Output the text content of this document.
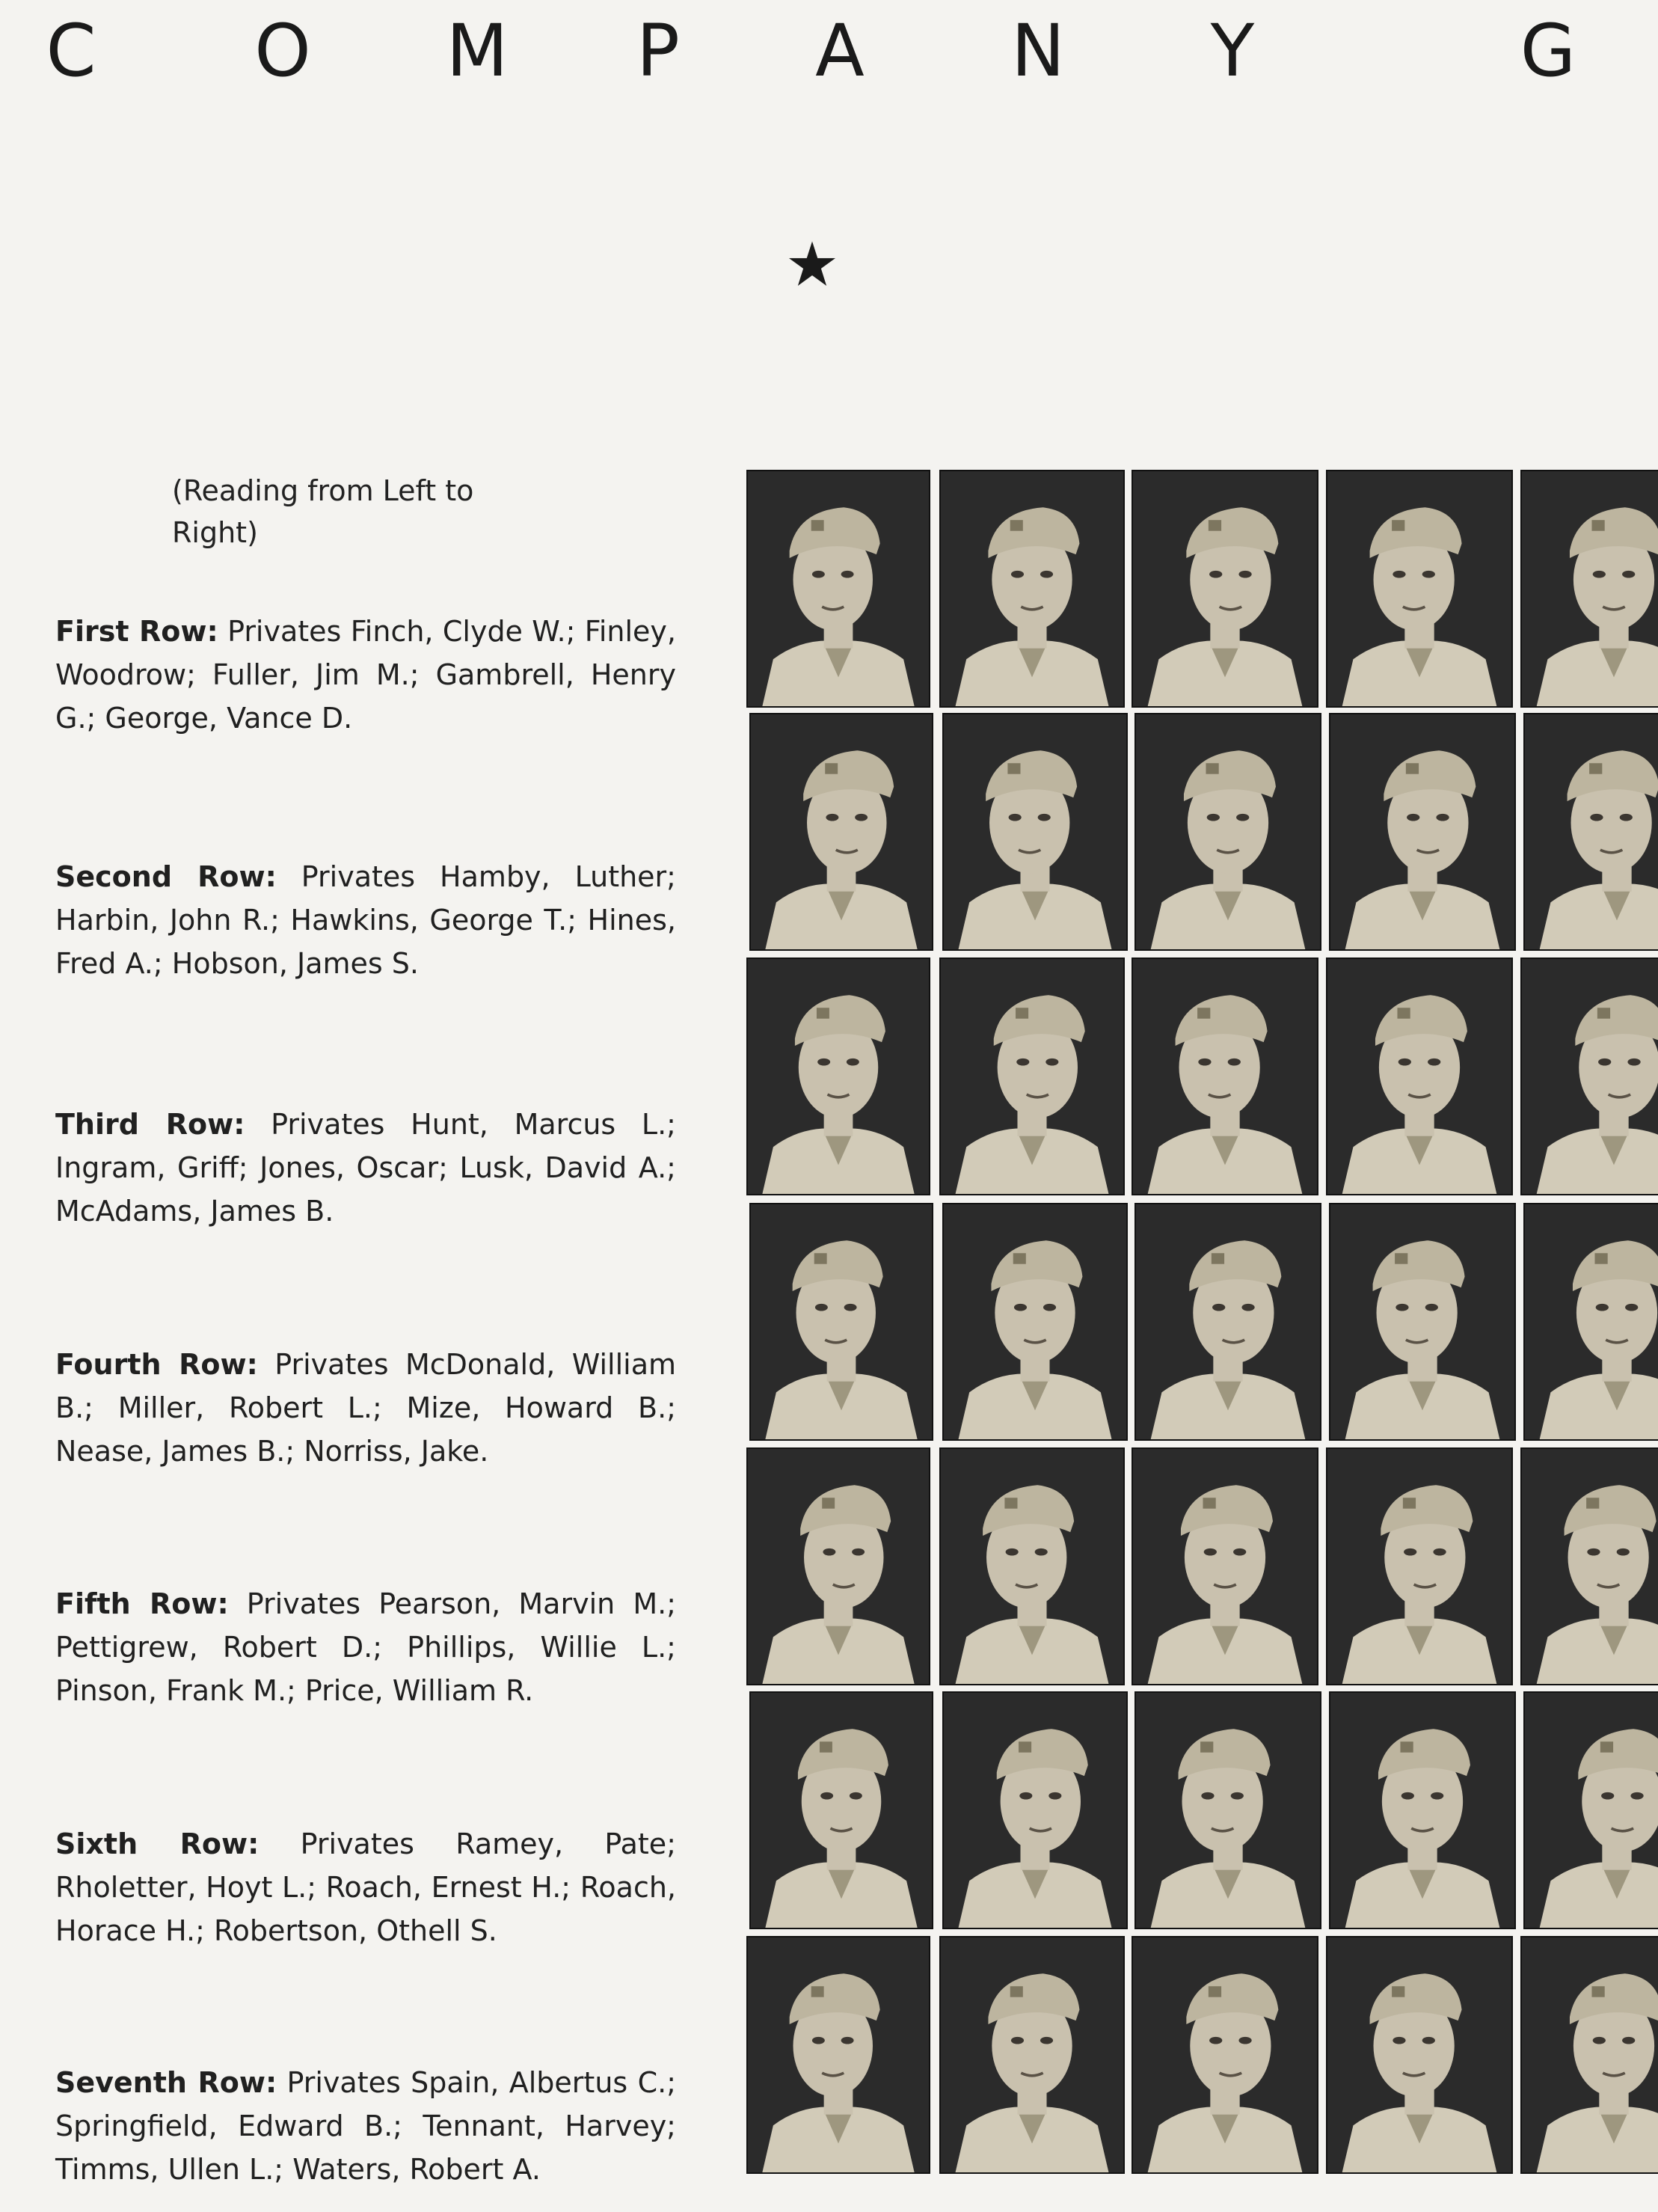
C O M P A N Y	G
(Reading from Left to Right)
First Row: Privates Finch, Clyde W.; Finley, Woodrow; Fuller, Jim M.; Gambrell, Henry G.; George, Vance D.
Second Row: Privates Hamby, Luther; Harbin, John R.; Hawkins, George T.; Hines, Fred A.; Hobson, James S.
Third Row: Privates Hunt, Marcus L.; Ingram, Griff; Jones, Oscar; Lusk, David A.; McAdams, James B.
Fourth Row: Privates McDonald, William B.; Miller, Robert L.; Mize, Howard B.; Nease, James B.; Norriss, Jake.
Fifth Row: Privates Pearson, Marvin M.; Pettigrew, Robert D.; Phillips, Willie L.; Pinson, Frank M.; Price, William R.
Sixth Row: Privates Ramey, Pate; Rholetter, Hoyt L.; Roach, Ernest H.; Roach, Horace H.; Robertson, Othell S.
Seventh Row: Privates Spain, Albertus C.; Springfield, Edward B.; Tennant, Harvey; Timms, Ullen L.; Waters, Robert A.
